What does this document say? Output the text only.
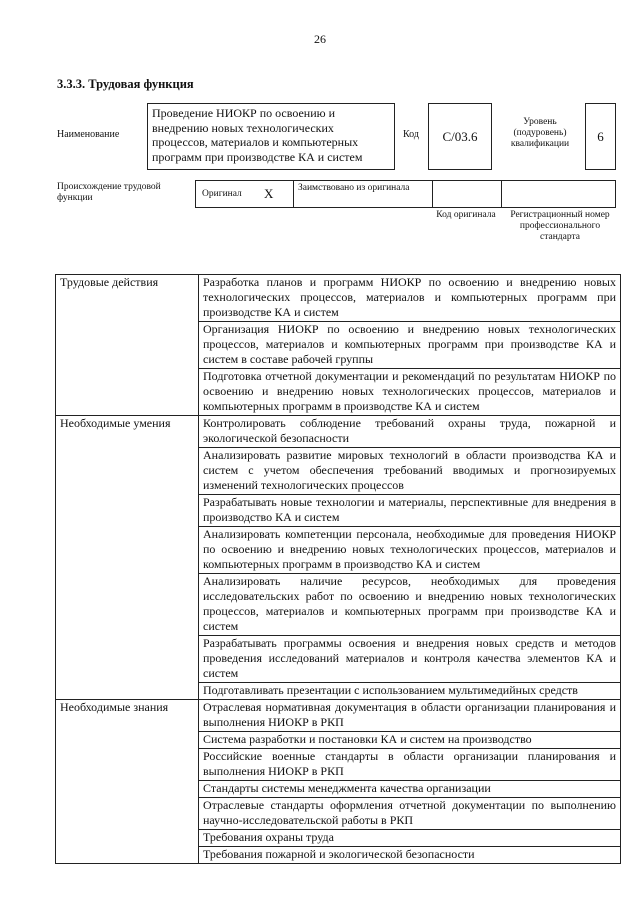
26
3.3.3. Трудовая функция
Наименование
Проведение НИОКР по освоению и внедрению новых технологических процессов, материалов и компьютерных программ при производстве КА и систем
Код С/03.6
Уровень (подуровень) квалификации
6
Происхождение трудовой функции	Оригинал X	Заимствовано из оригинала
Код оригинала	Регистрационный номер профессионального стандарта
Трудовые действия	Разработка планов и программ НИОКР по освоению и внедрению новых технологических процессов, материалов и компьютерных программ при производстве КА и систем
	Организация НИОКР по освоению и внедрению новых технологических процессов, материалов и компьютерных программ при производстве КА и систем в составе рабочей группы
	Подготовка отчетной документации и рекомендаций по результатам НИОКР по освоению и внедрению новых технологических процессов, материалов и компьютерных программ в производстве КА и систем
Необходимые умения	Контролировать соблюдение требований охраны труда, пожарной и экологической безопасности
	Анализировать развитие мировых технологий в области производства КА и систем с учетом обеспечения требований вводимых и прогнозируемых изменений технологических процессов
	Разрабатывать новые технологии и материалы, перспективные для внедрения в производство КА и систем
	Анализировать компетенции персонала, необходимые для проведения НИОКР по освоению и внедрению новых технологических процессов, материалов и компьютерных программ в производство КА и систем
	Анализировать наличие ресурсов, необходимых для проведения исследовательских работ по освоению и внедрению новых технологических процессов, материалов и компьютерных программ при производстве КА и систем
	Разрабатывать программы освоения и внедрения новых средств и методов проведения исследований материалов и контроля качества элементов КА и систем
	Подготавливать презентации с использованием мультимедийных средств
Необходимые знания	Отраслевая нормативная документация в области организации планирования и выполнения НИОКР в РКП
	Система разработки и постановки КА и систем на производство
	Российские военные стандарты в области организации планирования и выполнения НИОКР в РКП
	Стандарты системы менеджмента качества организации
	Отраслевые стандарты оформления отчетной документации по выполнению научно-исследовательской работы в РКП
	Требования охраны труда
	Требования пожарной и экологической безопасности
